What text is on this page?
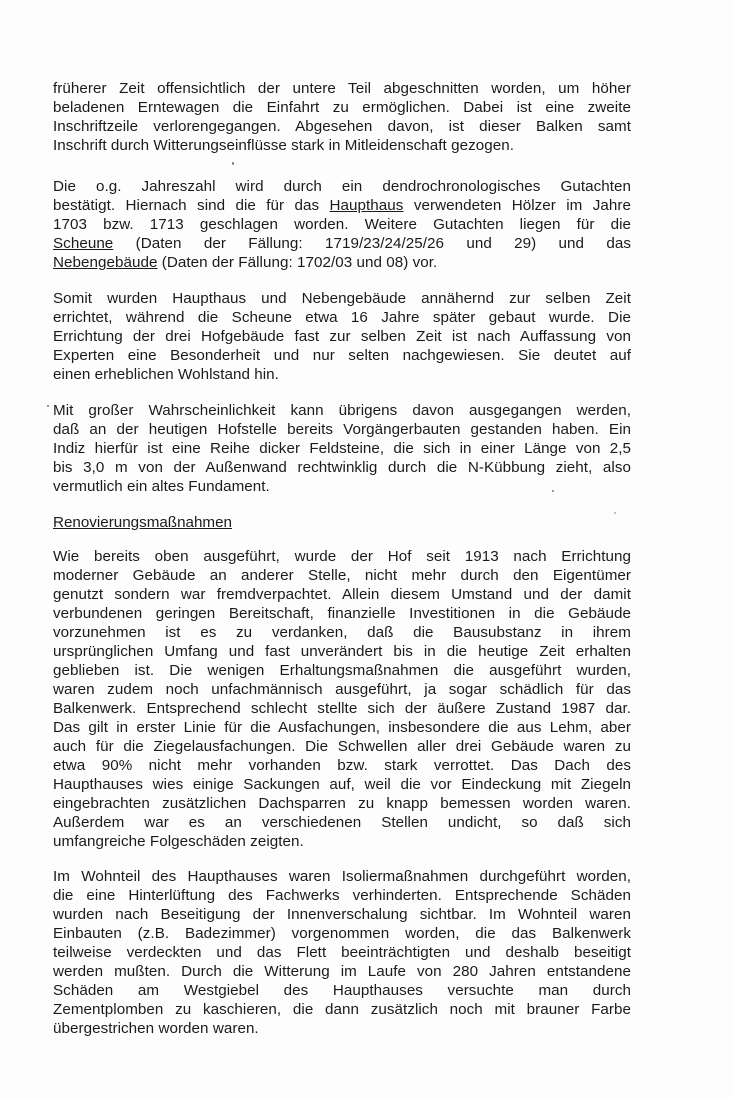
früherer Zeit offensichtlich der untere Teil abgeschnitten worden, um höher
beladenen Erntewagen die Einfahrt zu ermöglichen. Dabei ist eine zweite
Inschriftzeile verlorengegangen. Abgesehen davon, ist dieser Balken samt
Inschrift durch Witterungseinflüsse stark in Mitleidenschaft gezogen.
Die o.g. Jahreszahl wird durch ein dendrochronologisches Gutachten
bestätigt. Hiernach sind die für das Haupthaus verwendeten Hölzer im Jahre
1703 bzw. 1713 geschlagen worden. Weitere Gutachten liegen für die
Scheune (Daten der Fällung: 1719/23/24/25/26 und 29) und das
Nebengebäude (Daten der Fällung: 1702/03 und 08) vor.
Somit wurden Haupthaus und Nebengebäude annähernd zur selben Zeit
errichtet, während die Scheune etwa 16 Jahre später gebaut wurde. Die
Errichtung der drei Hofgebäude fast zur selben Zeit ist nach Auffassung von
Experten eine Besonderheit und nur selten nachgewiesen. Sie deutet auf
einen erheblichen Wohlstand hin.
Mit großer Wahrscheinlichkeit kann übrigens davon ausgegangen werden,
daß an der heutigen Hofstelle bereits Vorgängerbauten gestanden haben. Ein
Indiz hierfür ist eine Reihe dicker Feldsteine, die sich in einer Länge von 2,5
bis 3,0 m von der Außenwand rechtwinklig durch die N-Kübbung zieht, also
vermutlich ein altes Fundament.
Renovierungsmaßnahmen
Wie bereits oben ausgeführt, wurde der Hof seit 1913 nach Errichtung
moderner Gebäude an anderer Stelle, nicht mehr durch den Eigentümer
genutzt sondern war fremdverpachtet. Allein diesem Umstand und der damit
verbundenen geringen Bereitschaft, finanzielle Investitionen in die Gebäude
vorzunehmen ist es zu verdanken, daß die Bausubstanz in ihrem
ursprünglichen Umfang und fast unverändert bis in die heutige Zeit erhalten
geblieben ist. Die wenigen Erhaltungsmaßnahmen die ausgeführt wurden,
waren zudem noch unfachmännisch ausgeführt, ja sogar schädlich für das
Balkenwerk. Entsprechend schlecht stellte sich der äußere Zustand 1987 dar.
Das gilt in erster Linie für die Ausfachungen, insbesondere die aus Lehm, aber
auch für die Ziegelausfachungen. Die Schwellen aller drei Gebäude waren zu
etwa 90% nicht mehr vorhanden bzw. stark verrottet. Das Dach des
Haupthauses wies einige Sackungen auf, weil die vor Eindeckung mit Ziegeln
eingebrachten zusätzlichen Dachsparren zu knapp bemessen worden waren.
Außerdem war es an verschiedenen Stellen undicht, so daß sich
umfangreiche Folgeschäden zeigten.
Im Wohnteil des Haupthauses waren Isoliermaßnahmen durchgeführt worden,
die eine Hinterlüftung des Fachwerks verhinderten. Entsprechende Schäden
wurden nach Beseitigung der Innenverschalung sichtbar. Im Wohnteil waren
Einbauten (z.B. Badezimmer) vorgenommen worden, die das Balkenwerk
teilweise verdeckten und das Flett beeinträchtigten und deshalb beseitigt
werden mußten. Durch die Witterung im Laufe von 280 Jahren entstandene
Schäden am Westgiebel des Haupthauses versuchte man durch
Zementplomben zu kaschieren, die dann zusätzlich noch mit brauner Farbe
übergestrichen worden waren.
